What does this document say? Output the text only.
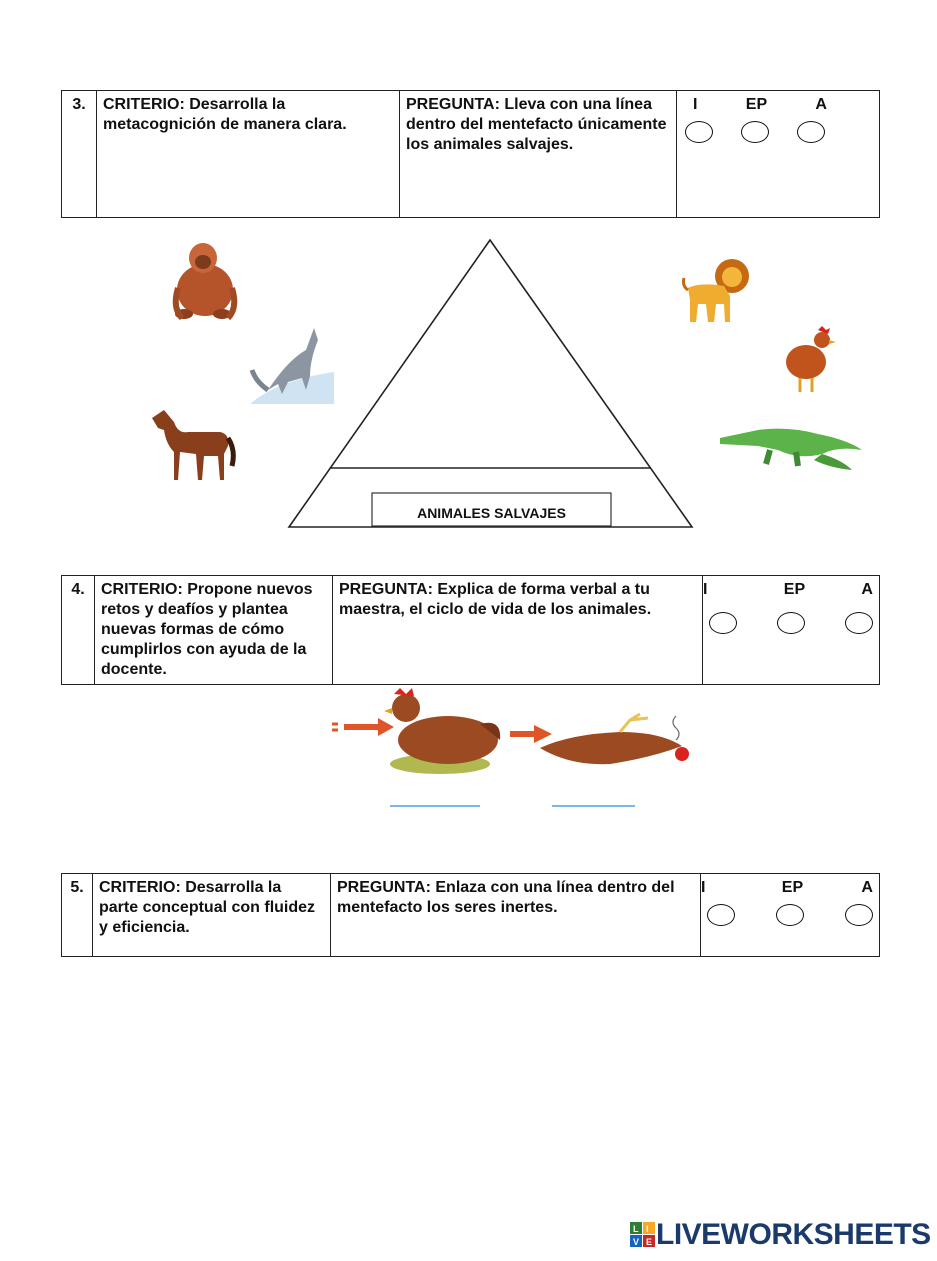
3.	CRITERIO: Desarrolla la metacognición de manera clara.	PREGUNTA: Lleva con una línea dentro del mentefacto únicamente los animales salvajes.	
I	EP	A
ANIMALES SALVAJES
4.	CRITERIO: Propone nuevos retos y deafíos y plantea nuevas formas de cómo cumplirlos con ayuda de la docente.	PREGUNTA: Explica de forma verbal a tu maestra, el ciclo de vida de los animales.	
I	EP	A
5.	CRITERIO: Desarrolla la parte conceptual con fluidez y eficiencia.	PREGUNTA: Enlaza con una línea dentro del mentefacto los seres inertes.	
I	EP	A
L I
V E LIVEWORKSHEETS
